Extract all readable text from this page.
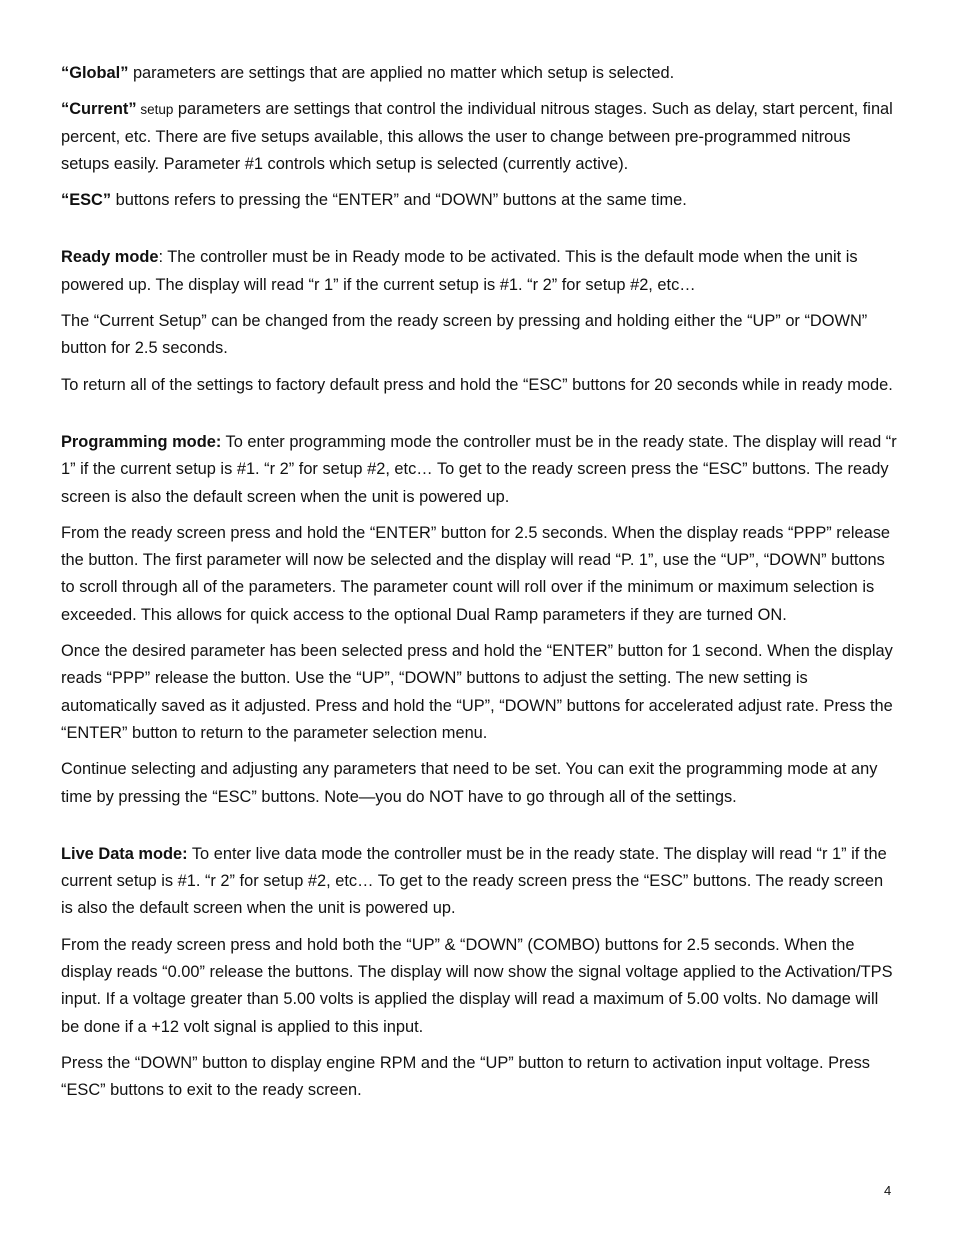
“Global” parameters are settings that are applied no matter which setup is selected.

“Current” setup parameters are settings that control the individual nitrous stages. Such as delay, start percent, final percent, etc. There are five setups available, this allows the user to change between pre-programmed nitrous setups easily. Parameter #1 controls which setup is selected (currently active).

“ESC” buttons refers to pressing the “ENTER” and “DOWN” buttons at the same time.

Ready mode: The controller must be in Ready mode to be activated. This is the default mode when the unit is powered up. The display will read “r 1” if the current setup is #1. “r 2” for setup #2, etc…

The “Current Setup” can be changed from the ready screen by pressing and holding either the “UP” or “DOWN” button for 2.5 seconds.

To return all of the settings to factory default press and hold the “ESC” buttons for 20 seconds while in ready mode.

Programming mode: To enter programming mode the controller must be in the ready state. The display will read “r 1” if the current setup is #1. “r 2” for setup #2, etc… To get to the ready screen press the “ESC” buttons. The ready screen is also the default screen when the unit is powered up.

From the ready screen press and hold the “ENTER” button for 2.5 seconds. When the display reads “PPP” release the button. The first parameter will now be selected and the display will read “P. 1”, use the “UP”, “DOWN” buttons to scroll through all of the parameters. The parameter count will roll over if the minimum or maximum selection is exceeded. This allows for quick access to the optional Dual Ramp parameters if they are turned ON.

Once the desired parameter has been selected press and hold the “ENTER” button for 1 second. When the display reads “PPP” release the button. Use the “UP”, “DOWN” buttons to adjust the setting. The new setting is automatically saved as it adjusted. Press and hold the “UP”, “DOWN” buttons for accelerated adjust rate. Press the “ENTER” button to return to the parameter selection menu.

Continue selecting and adjusting any parameters that need to be set. You can exit the programming mode at any time by pressing the “ESC” buttons. Note—you do NOT have to go through all of the settings.

Live Data mode: To enter live data mode the controller must be in the ready state. The display will read “r 1” if the current setup is #1. “r 2” for setup #2, etc… To get to the ready screen press the “ESC” buttons. The ready screen is also the default screen when the unit is powered up.

From the ready screen press and hold both the “UP” & “DOWN” (COMBO) buttons for 2.5 seconds. When the display reads “0.00” release the buttons. The display will now show the signal voltage applied to the Activation/TPS input. If a voltage greater than 5.00 volts is applied the display will read a maximum of 5.00 volts. No damage will be done if a +12 volt signal is applied to this input.

Press the “DOWN” button to display engine RPM and the “UP” button to return to activation input voltage. Press “ESC” buttons to exit to the ready screen.

4
